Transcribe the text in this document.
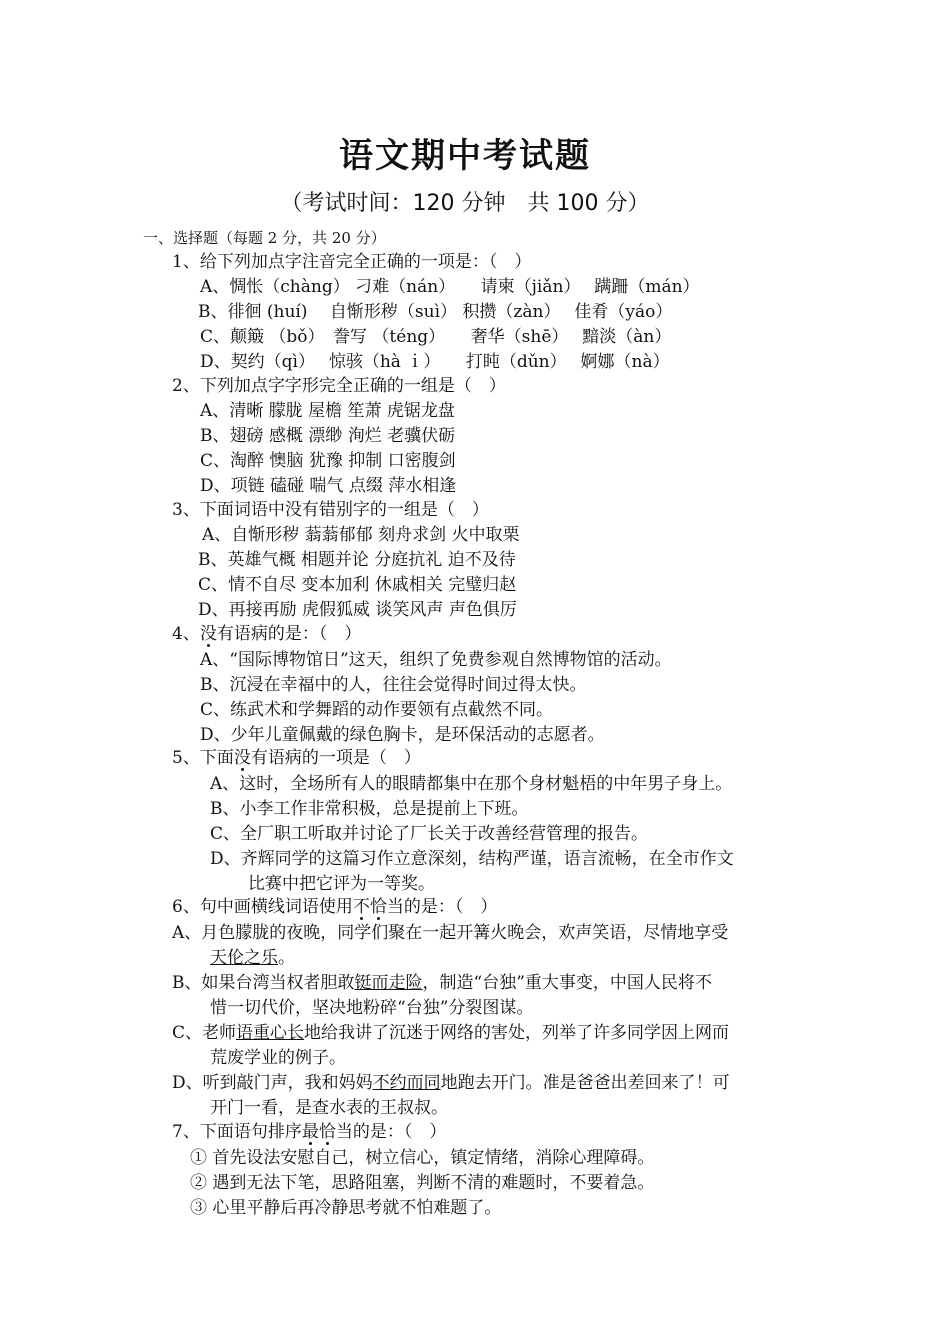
语文期中考试题
（考试时间：120 分钟　共 100 分）
一、选择题（每题 2 分，共 20 分）
1、给下列加点字注音完全正确的一项是：（　）
A、惆怅（chàng） 刁难（nán）　　请柬（jiǎn）　 蹒跚（mán）
B、徘徊 (huí)　 自惭形秽（suì） 积攒（zàn）　 佳肴（yáo）
C、颠簸 （bǒ）　誊写 （téng）　　奢华（shē）　 黯淡（àn）
D、契约（qì）　 惊骇（hà ｉ）　　打盹（dǔn）　 婀娜（nà）
2、下列加点字字形完全正确的一组是（　）
A、清晰 朦胧 屋檐 笙萧 虎锯龙盘
B、翅磅 感概 漂缈 洵烂 老骥伏砺
C、淘醉 懊脑 犹豫 抑制 口密腹剑
D、项链 磕碰 喘气 点缀 萍水相逢
3、下面词语中没有错别字的一组是（　）
A、自惭形秽 蓊蓊郁郁 刻舟求剑 火中取栗
B、英雄气概 相题并论 分庭抗礼 迫不及待
C、情不自尽 变本加利 休戚相关 完璧归赵
D、再接再励 虎假狐威 谈笑风声 声色俱厉
4、没有语病的是：（　）
A、“国际博物馆日”这天，组织了免费参观自然博物馆的活动。
B、沉浸在幸福中的人，往往会觉得时间过得太快。
C、练武术和学舞蹈的动作要领有点截然不同。
D、少年儿童佩戴的绿色胸卡，是环保活动的志愿者。
5、下面没有语病的一项是（　）
A、这时，全场所有人的眼睛都集中在那个身材魁梧的中年男子身上。
B、小李工作非常积极，总是提前上下班。
C、全厂职工听取并讨论了厂长关于改善经营管理的报告。
D、齐辉同学的这篇习作立意深刻，结构严谨，语言流畅，在全市作文
比赛中把它评为一等奖。
6、句中画横线词语使用不恰当的是：（　）
A、月色朦胧的夜晚，同学们聚在一起开篝火晚会，欢声笑语，尽情地享受
天伦之乐。
B、如果台湾当权者胆敢铤而走险，制造“台独”重大事变，中国人民将不
惜一切代价，坚决地粉碎“台独”分裂图谋。
C、老师语重心长地给我讲了沉迷于网络的害处，列举了许多同学因上网而
荒废学业的例子。
D、听到敲门声，我和妈妈不约而同地跑去开门。准是爸爸出差回来了！可
开门一看，是查水表的王叔叔。
7、下面语句排序最恰当的是：（　）
① 首先设法安慰自己，树立信心，镇定情绪，消除心理障碍。
② 遇到无法下笔，思路阻塞，判断不清的难题时，不要着急。
③ 心里平静后再冷静思考就不怕难题了。
